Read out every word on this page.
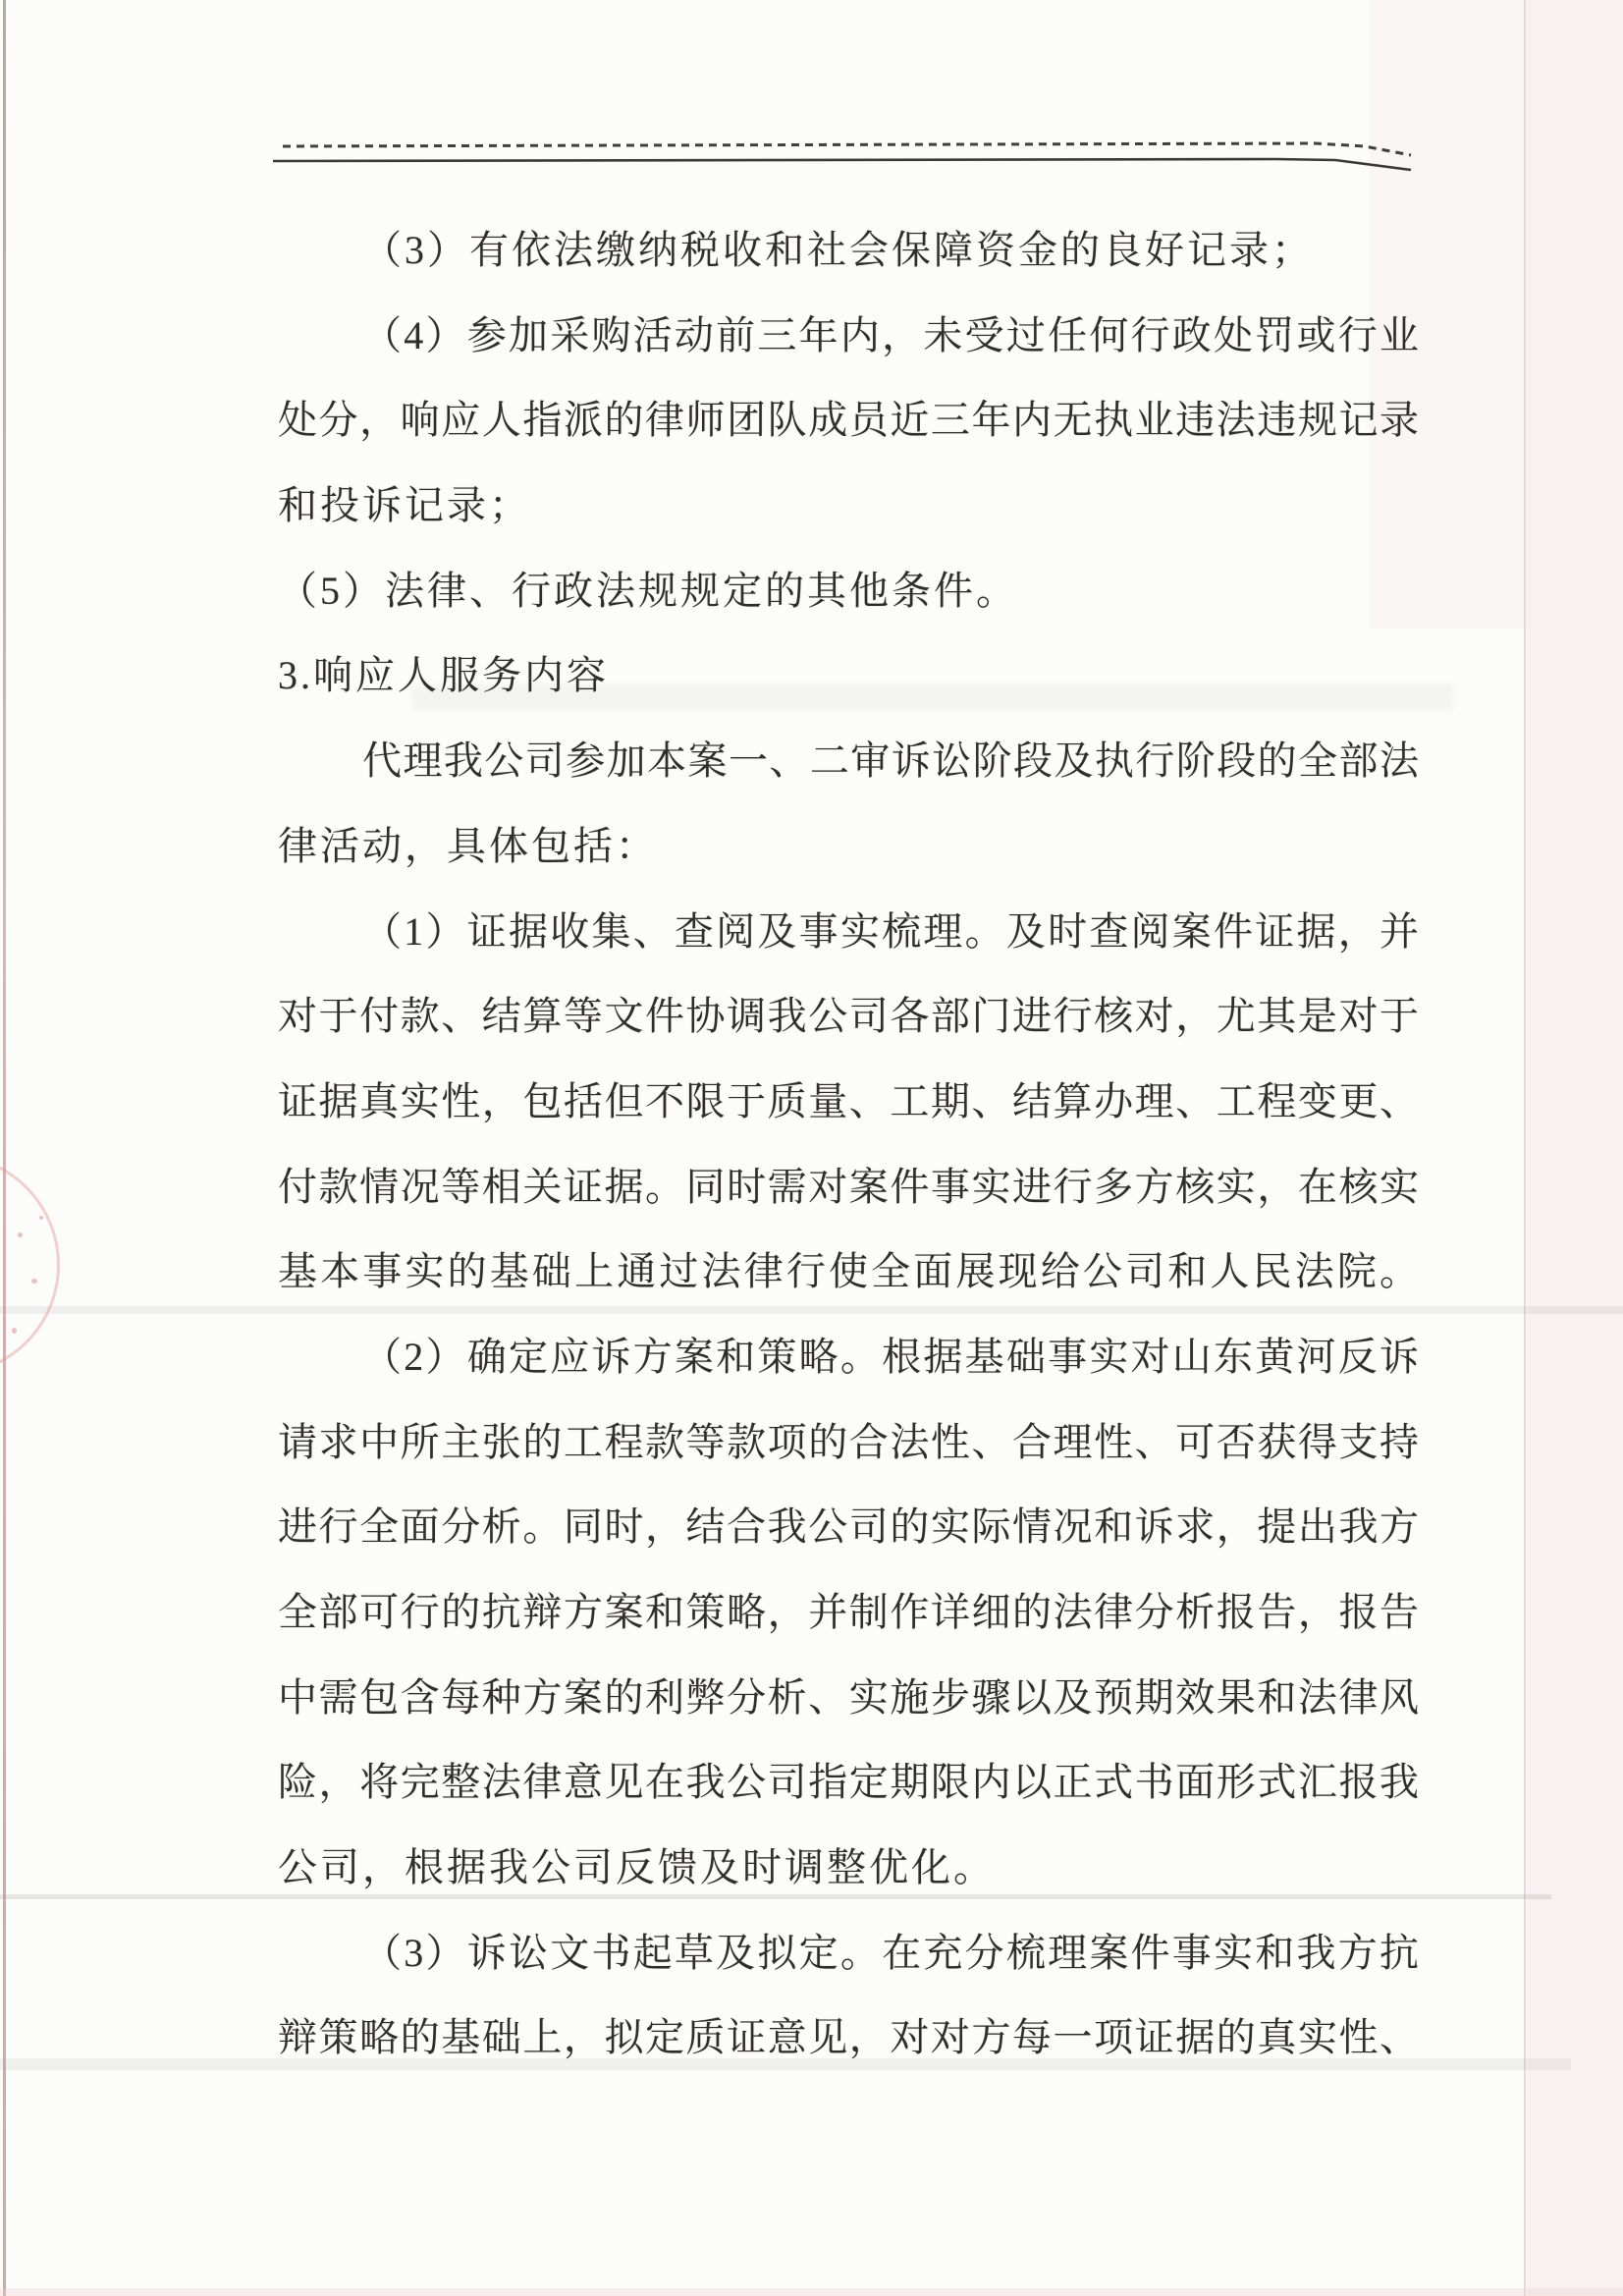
（3）有依法缴纳税收和社会保障资金的良好记录；
（4）参加采购活动前三年内，未受过任何行政处罚或行业
处分，响应人指派的律师团队成员近三年内无执业违法违规记录
和投诉记录；
（5）法律、行政法规规定的其他条件。
3.响应人服务内容
代理我公司参加本案一、二审诉讼阶段及执行阶段的全部法
律活动，具体包括：
（1）证据收集、查阅及事实梳理。及时查阅案件证据，并
对于付款、结算等文件协调我公司各部门进行核对，尤其是对于
证据真实性，包括但不限于质量、工期、结算办理、工程变更、
付款情况等相关证据。同时需对案件事实进行多方核实，在核实
基本事实的基础上通过法律行使全面展现给公司和人民法院。
（2）确定应诉方案和策略。根据基础事实对山东黄河反诉
请求中所主张的工程款等款项的合法性、合理性、可否获得支持
进行全面分析。同时，结合我公司的实际情况和诉求，提出我方
全部可行的抗辩方案和策略，并制作详细的法律分析报告，报告
中需包含每种方案的利弊分析、实施步骤以及预期效果和法律风
险，将完整法律意见在我公司指定期限内以正式书面形式汇报我
公司，根据我公司反馈及时调整优化。
（3）诉讼文书起草及拟定。在充分梳理案件事实和我方抗
辩策略的基础上，拟定质证意见，对对方每一项证据的真实性、
